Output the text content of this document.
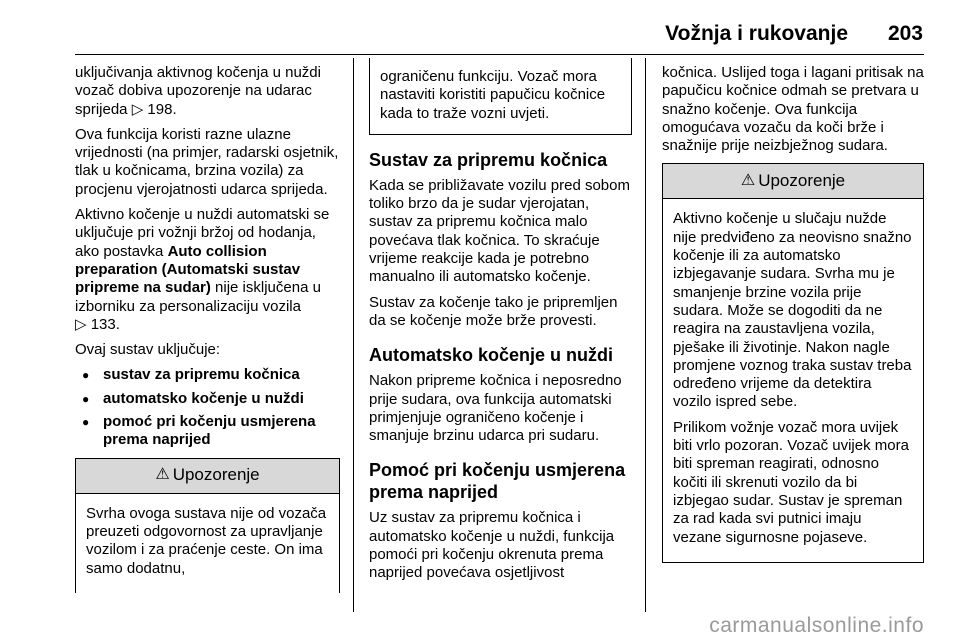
Vožnja i rukovanje 203

uključivanja aktivnog kočenja u nuždi vozač dobiva upozorenje na udarac sprijeda ▷ 198.

Ova funkcija koristi razne ulazne vrijednosti (na primjer, radarski osjetnik, tlak u kočnicama, brzina vozila) za procjenu vjerojatnosti udarca sprijeda.

Aktivno kočenje u nuždi automatski se uključuje pri vožnji bržoj od hodanja, ako postavka Auto collision preparation (Automatski sustav pripreme na sudar) nije isključena u izborniku za personalizaciju vozila
▷ 133.

Ovaj sustav uključuje:

● sustav za pripremu kočnica
● automatsko kočenje u nuždi
● pomoć pri kočenju usmjerena prema naprijed
⚠ Upozorenje

Svrha ovoga sustava nije od vozača preuzeti odgovornost za upravljanje vozilom i za praćenje ceste. On ima samo dodatnu,

ograničenu funkciju. Vozač mora nastaviti koristiti papučicu kočnice kada to traže vozni uvjeti.

Sustav za pripremu kočnica

Kada se približavate vozilu pred sobom toliko brzo da je sudar vjerojatan, sustav za pripremu kočnica malo povećava tlak kočnica. To skraćuje vrijeme reakcije kada je potrebno manualno ili automatsko kočenje.

Sustav za kočenje tako je pripremljen da se kočenje može brže provesti.

Automatsko kočenje u nuždi

Nakon pripreme kočnica i neposredno prije sudara, ova funkcija automatski primjenjuje ograničeno kočenje i smanjuje brzinu udarca pri sudaru.

Pomoć pri kočenju usmjerena prema naprijed

Uz sustav za pripremu kočnica i automatsko kočenje u nuždi, funkcija pomoći pri kočenju okrenuta prema naprijed povećava osjetljivost

kočnica. Uslijed toga i lagani pritisak na papučicu kočnice odmah se pretvara u snažno kočenje. Ova funkcija omogućava vozaču da koči brže i snažnije prije neizbježnog sudara.

⚠ Upozorenje

Aktivno kočenje u slučaju nužde nije predviđeno za neovisno snažno kočenje ili za automatsko izbjegavanje sudara. Svrha mu je smanjenje brzine vozila prije sudara. Može se dogoditi da ne reagira na zaustavljena vozila, pješake ili životinje. Nakon nagle promjene voznog traka sustav treba određeno vrijeme da detektira vozilo ispred sebe.

Prilikom vožnje vozač mora uvijek biti vrlo pozoran. Vozač uvijek mora biti spreman reagirati, odnosno kočiti ili skrenuti vozilo da bi izbjegao sudar. Sustav je spreman za rad kada svi putnici imaju vezane sigurnosne pojaseve.

carmanualsonline.info
